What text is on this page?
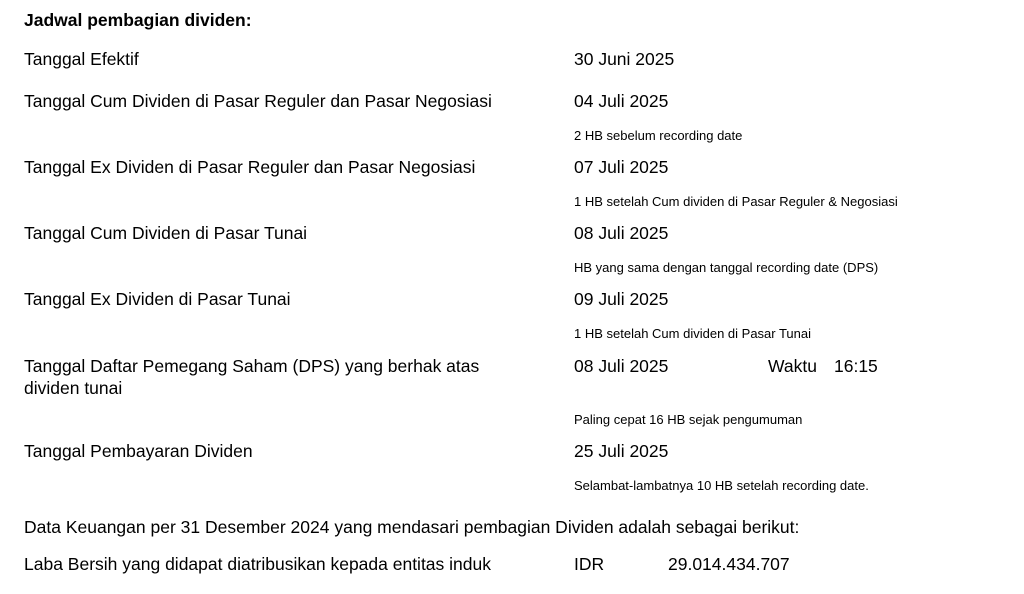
Jadwal pembagian dividen:
Tanggal Efektif	30 Juni 2025
Tanggal Cum Dividen di Pasar Reguler dan Pasar Negosiasi	04 Juli 2025
2 HB sebelum recording date
Tanggal Ex Dividen di Pasar Reguler dan Pasar Negosiasi	07 Juli 2025
1 HB setelah Cum dividen di Pasar Reguler & Negosiasi
Tanggal Cum Dividen di Pasar Tunai	08 Juli 2025
HB yang sama dengan tanggal recording date (DPS)
Tanggal Ex Dividen di Pasar Tunai	09 Juli 2025
1 HB setelah Cum dividen di Pasar Tunai
Tanggal Daftar Pemegang Saham (DPS) yang berhak atas
dividen tunai
08 Juli 2025	Waktu 16:15
Paling cepat 16 HB sejak pengumuman
Tanggal Pembayaran Dividen	25 Juli 2025
Selambat-lambatnya 10 HB setelah recording date.
Data Keuangan per 31 Desember 2024 yang mendasari pembagian Dividen adalah sebagai berikut:
Laba Bersih yang didapat diatribusikan kepada entitas induk	IDR	29.014.434.707
